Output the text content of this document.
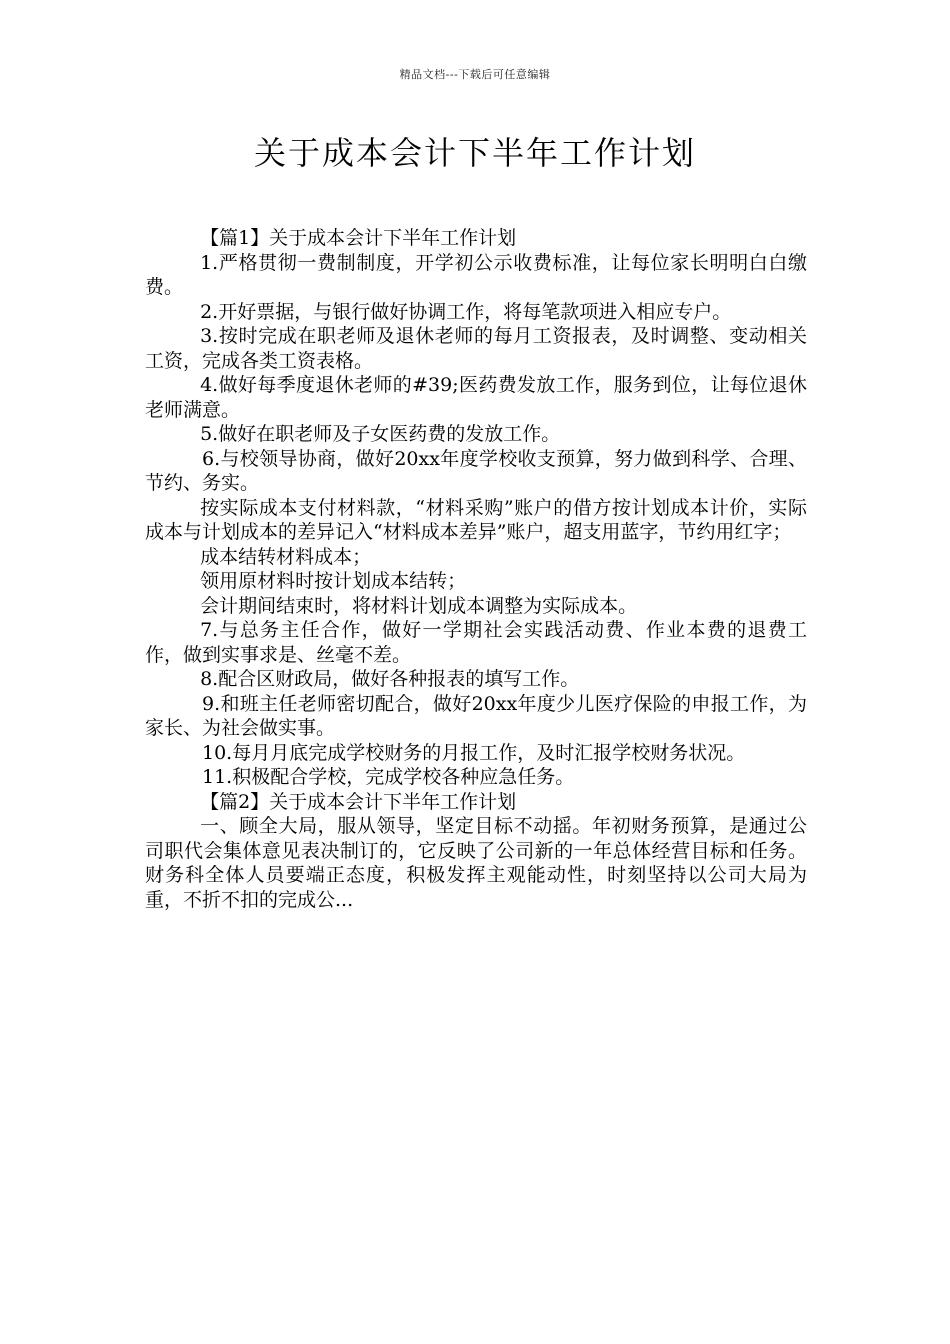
精品文档---下载后可任意编辑
关于成本会计下半年工作计划

【篇1】关于成本会计下半年工作计划

1.严格贯彻一费制制度，开学初公示收费标准，让每位家长明明白白缴费。

2.开好票据，与银行做好协调工作，将每笔款项进入相应专户。

3.按时完成在职老师及退休老师的每月工资报表，及时调整、变动相关工资，完成各类工资表格。

4.做好每季度退休老师的#39;医药费发放工作，服务到位，让每位退休老师满意。

5.做好在职老师及子女医药费的发放工作。

6.与校领导协商，做好20xx年度学校收支预算，努力做到科学、合理、节约、务实。

按实际成本支付材料款，“材料采购”账户的借方按计划成本计价，实际成本与计划成本的差异记入“材料成本差异”账户，超支用蓝字，节约用红字；

成本结转材料成本；

领用原材料时按计划成本结转；

会计期间结束时，将材料计划成本调整为实际成本。

7.与总务主任合作，做好一学期社会实践活动费、作业本费的退费工作，做到实事求是、丝毫不差。

8.配合区财政局，做好各种报表的填写工作。

9.和班主任老师密切配合，做好20xx年度少儿医疗保险的申报工作，为家长、为社会做实事。

10.每月月底完成学校财务的月报工作，及时汇报学校财务状况。

11.积极配合学校，完成学校各种应急任务。

【篇2】关于成本会计下半年工作计划

一、顾全大局，服从领导，坚定目标不动摇。年初财务预算，是通过公司职代会集体意见表决制订的，它反映了公司新的一年总体经营目标和任务。财务科全体人员要端正态度，积极发挥主观能动性，时刻坚持以公司大局为重，不折不扣的完成公...
